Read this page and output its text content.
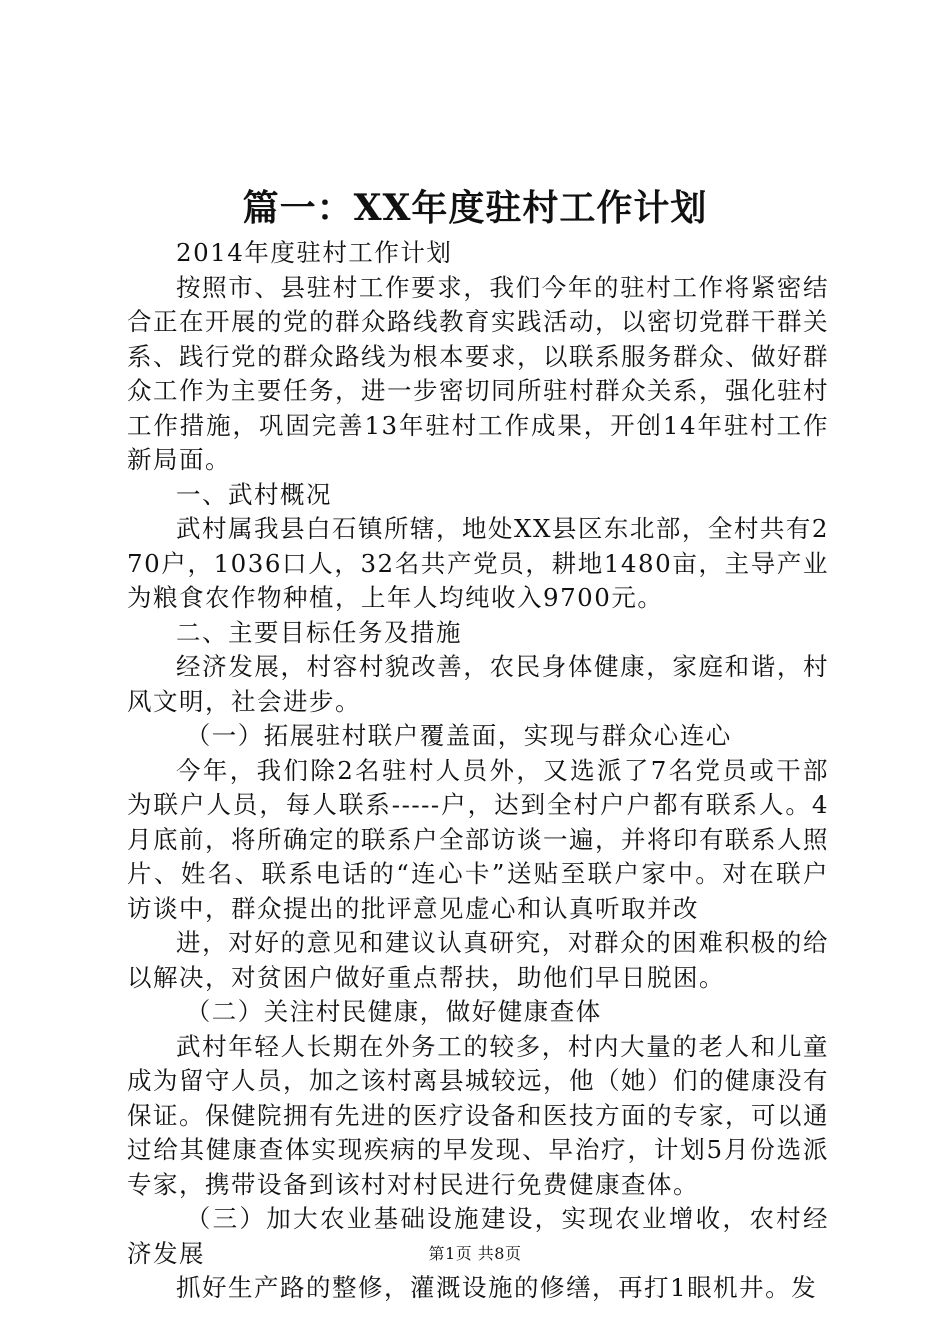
篇一：XX年度驻村工作计划

2014年度驻村工作计划

按照市、县驻村工作要求，我们今年的驻村工作将紧密结合正在开展的党的群众路线教育实践活动，以密切党群干群关系、践行党的群众路线为根本要求，以联系服务群众、做好群众工作为主要任务，进一步密切同所驻村群众关系，强化驻村工作措施，巩固完善13年驻村工作成果，开创14年驻村工作新局面。

一、武村概况

武村属我县白石镇所辖，地处XX县区东北部，全村共有270户，1036口人，32名共产党员，耕地1480亩，主导产业为粮食农作物种植，上年人均纯收入9700元。

二、主要目标任务及措施

经济发展，村容村貌改善，农民身体健康，家庭和谐，村风文明，社会进步。

（一）拓展驻村联户覆盖面，实现与群众心连心

今年，我们除2名驻村人员外，又选派了7名党员或干部为联户人员，每人联系-----户，达到全村户户都有联系人。4月底前，将所确定的联系户全部访谈一遍，并将印有联系人照片、姓名、联系电话的“连心卡”送贴至联户家中。对在联户访谈中，群众提出的批评意见虚心和认真听取并改

进，对好的意见和建议认真研究，对群众的困难积极的给以解决，对贫困户做好重点帮扶，助他们早日脱困。

（二）关注村民健康，做好健康查体

武村年轻人长期在外务工的较多，村内大量的老人和儿童成为留守人员，加之该村离县城较远，他（她）们的健康没有保证。保健院拥有先进的医疗设备和医技方面的专家，可以通过给其健康查体实现疾病的早发现、早治疗，计划5月份选派专家，携带设备到该村对村民进行免费健康查体。

（三）加大农业基础设施建设，实现农业增收，农村经济发展

抓好生产路的整修，灌溉设施的修缮，再打1眼机井。发

第1页 共8页
